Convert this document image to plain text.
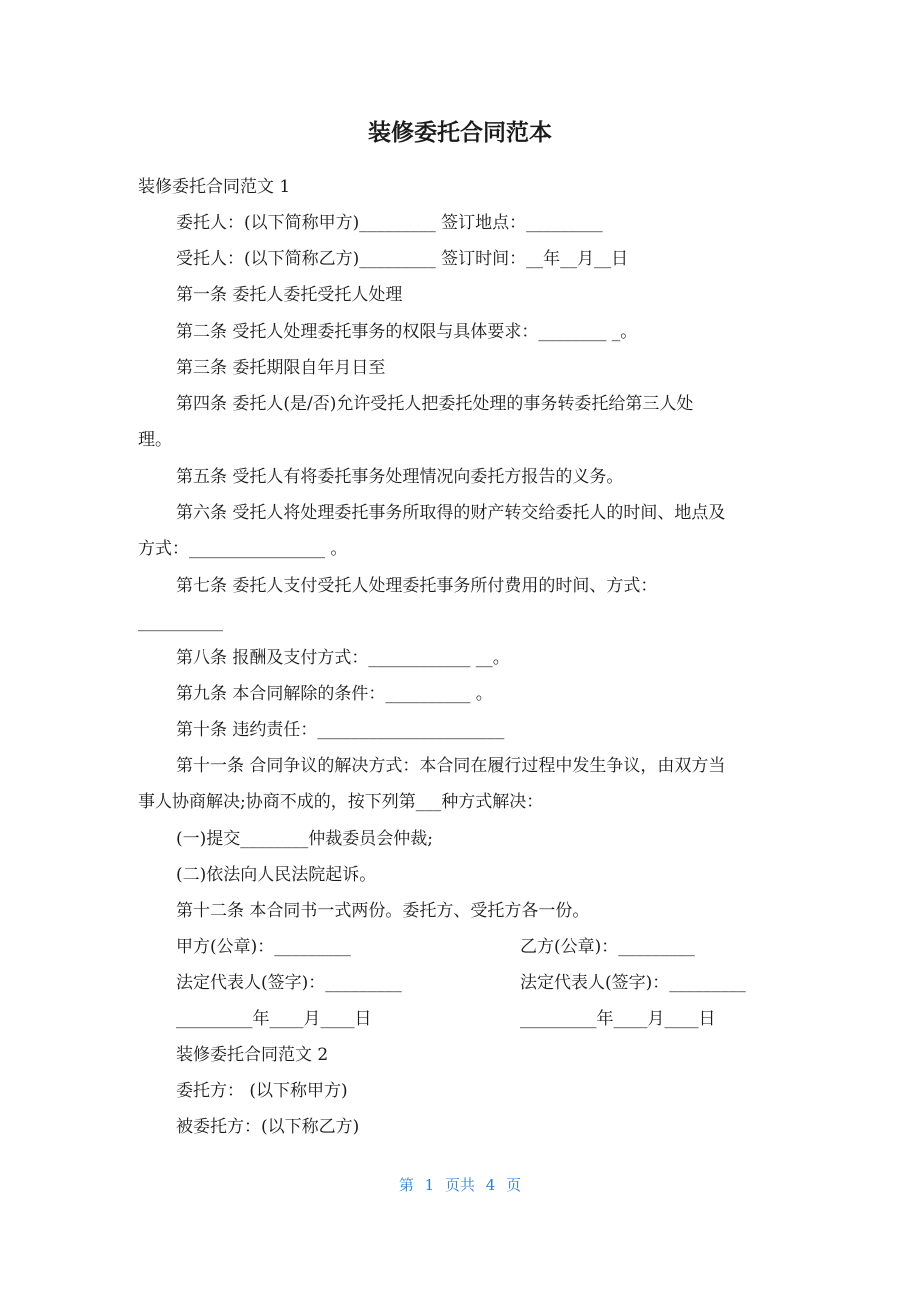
装修委托合同范本
装修委托合同范文 1
委托人：(以下简称甲方)_________ 签订地点：_________
受托人：(以下简称乙方)_________ 签订时间：__年__月__日
第一条 委托人委托受托人处理
第二条 受托人处理委托事务的权限与具体要求：________ _。
第三条 委托期限自年月日至
第四条 委托人(是/否)允许受托人把委托处理的事务转委托给第三人处
理。
第五条 受托人有将委托事务处理情况向委托方报告的义务。
第六条 受托人将处理委托事务所取得的财产转交给委托人的时间、地点及
方式：________________ 。
第七条 委托人支付受托人处理委托事务所付费用的时间、方式：
__________
第八条 报酬及支付方式：____________ __。
第九条 本合同解除的条件：__________ 。
第十条 违约责任：______________________
第十一条 合同争议的解决方式：本合同在履行过程中发生争议，由双方当
事人协商解决;协商不成的，按下列第___种方式解决：
(一)提交________仲裁委员会仲裁;
(二)依法向人民法院起诉。
第十二条 本合同书一式两份。委托方、受托方各一份。
甲方(公章)：_________	乙方(公章)：_________
法定代表人(签字)：_________	法定代表人(签字)：_________
_________年____月____日	_________年____月____日
装修委托合同范文 2
委托方： (以下称甲方)
被委托方：(以下称乙方)
第 1 页共 4 页
